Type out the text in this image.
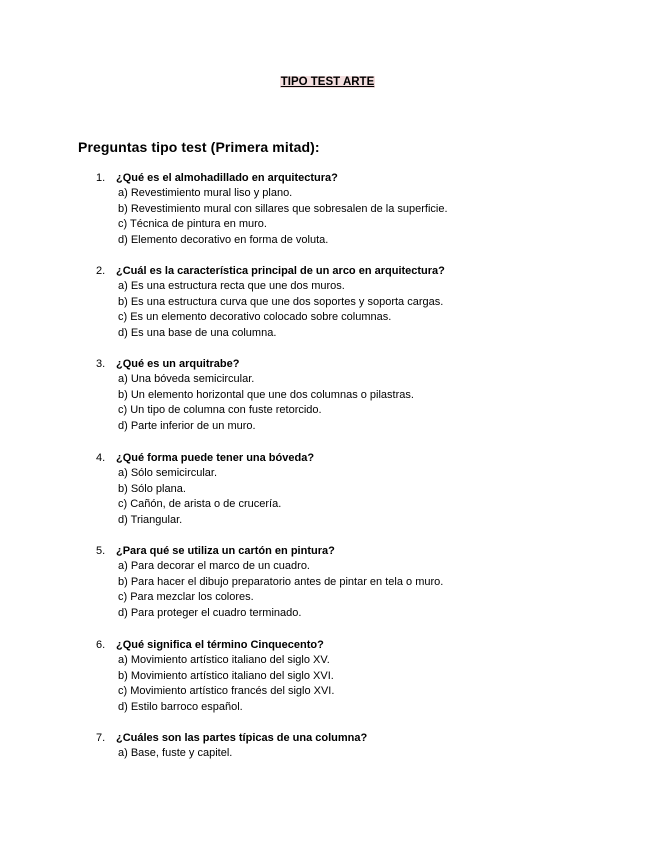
TIPO TEST ARTE
Preguntas tipo test (Primera mitad):
1. ¿Qué es el almohadillado en arquitectura?
a) Revestimiento mural liso y plano.
b) Revestimiento mural con sillares que sobresalen de la superficie.
c) Técnica de pintura en muro.
d) Elemento decorativo en forma de voluta.
2. ¿Cuál es la característica principal de un arco en arquitectura?
a) Es una estructura recta que une dos muros.
b) Es una estructura curva que une dos soportes y soporta cargas.
c) Es un elemento decorativo colocado sobre columnas.
d) Es una base de una columna.
3. ¿Qué es un arquitrabe?
a) Una bóveda semicircular.
b) Un elemento horizontal que une dos columnas o pilastras.
c) Un tipo de columna con fuste retorcido.
d) Parte inferior de un muro.
4. ¿Qué forma puede tener una bóveda?
a) Sólo semicircular.
b) Sólo plana.
c) Cañón, de arista o de crucería.
d) Triangular.
5. ¿Para qué se utiliza un cartón en pintura?
a) Para decorar el marco de un cuadro.
b) Para hacer el dibujo preparatorio antes de pintar en tela o muro.
c) Para mezclar los colores.
d) Para proteger el cuadro terminado.
6. ¿Qué significa el término Cinquecento?
a) Movimiento artístico italiano del siglo XV.
b) Movimiento artístico italiano del siglo XVI.
c) Movimiento artístico francés del siglo XVI.
d) Estilo barroco español.
7. ¿Cuáles son las partes típicas de una columna?
a) Base, fuste y capitel.
